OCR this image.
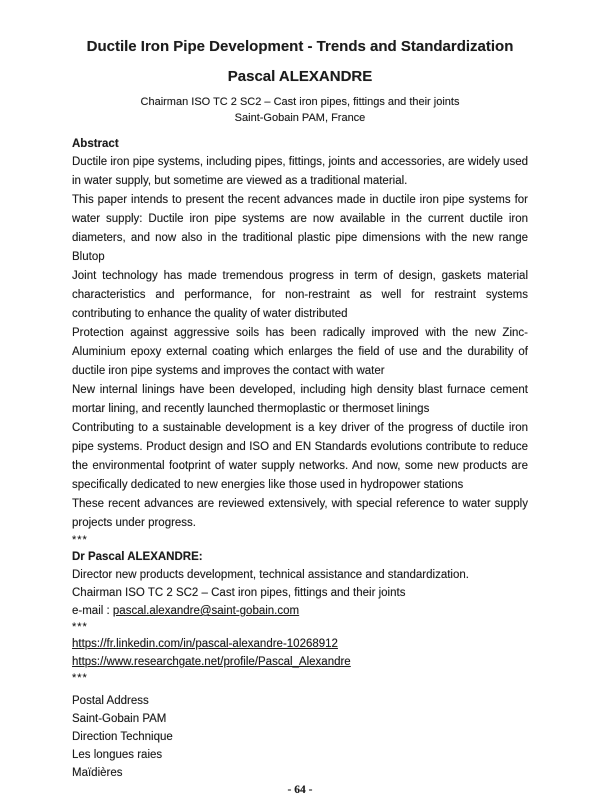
Ductile Iron Pipe Development - Trends and Standardization
Pascal ALEXANDRE

Chairman ISO TC 2 SC2 – Cast iron pipes, fittings and their joints

Saint-Gobain PAM, France

Abstract

Ductile iron pipe systems, including pipes, fittings, joints and accessories, are widely used in water supply, but sometime are viewed as a traditional material.

This paper intends to present the recent advances made in ductile iron pipe systems for water supply: Ductile iron pipe systems are now available in the current ductile iron diameters, and now also in the traditional plastic pipe dimensions with the new range Blutop

Joint technology has made tremendous progress in term of design, gaskets material characteristics and performance, for non-restraint as well for restraint systems contributing to enhance the quality of water distributed

Protection against aggressive soils has been radically improved with the new Zinc-Aluminium epoxy external coating which enlarges the field of use and the durability of ductile iron pipe systems and improves the contact with water

New internal linings have been developed, including high density blast furnace cement mortar lining, and recently launched thermoplastic or thermoset linings

Contributing to a sustainable development is a key driver of the progress of ductile iron pipe systems. Product design and ISO and EN Standards evolutions contribute to reduce the environmental footprint of water supply networks. And now, some new products are specifically dedicated to new energies like those used in hydropower stations

These recent advances are reviewed extensively, with special reference to water supply projects under progress.

***

Dr Pascal ALEXANDRE:

Director new products development, technical assistance and standardization.

Chairman ISO TC 2 SC2 – Cast iron pipes, fittings and their joints

e-mail : pascal.alexandre@saint-gobain.com

***

https://fr.linkedin.com/in/pascal-alexandre-10268912

https://www.researchgate.net/profile/Pascal_Alexandre

***

Postal Address

Saint-Gobain PAM

Direction Technique

Les longues raies

Maïdières

- 64 -
